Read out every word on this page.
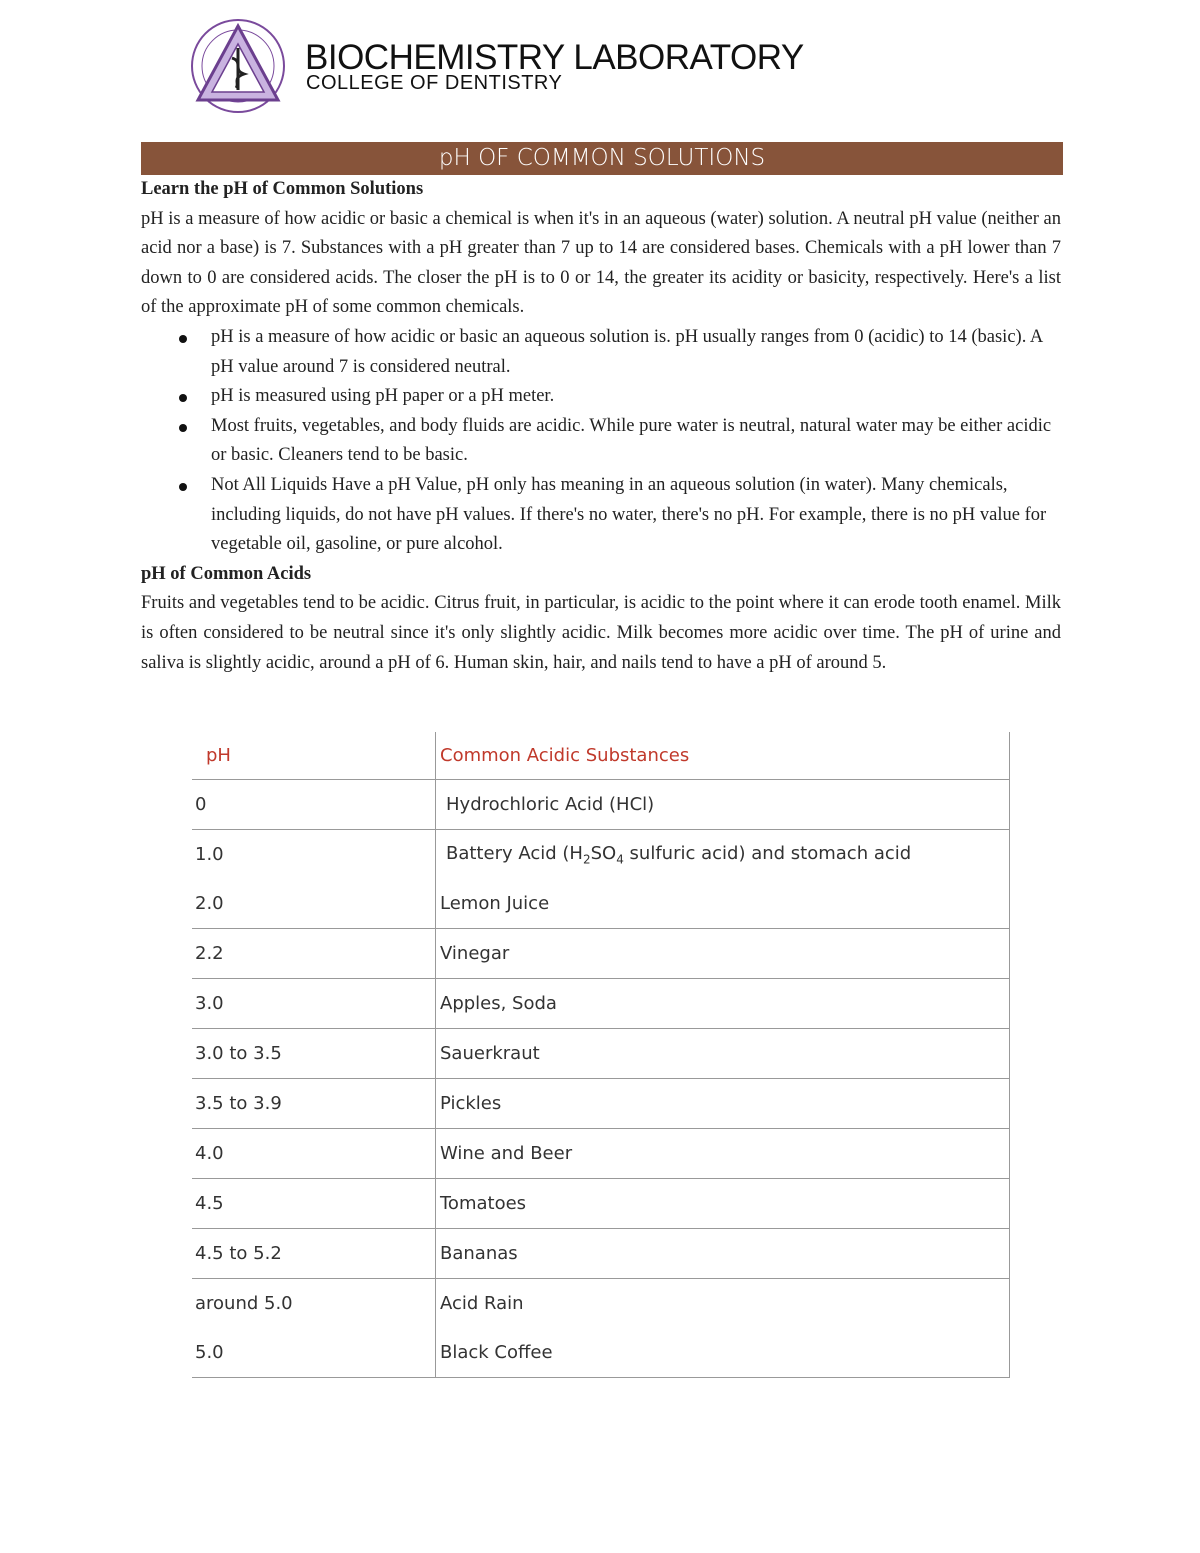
BIOCHEMISTRY LABORATORY
COLLEGE OF DENTISTRY
pH OF COMMON SOLUTIONS
Learn the pH of Common Solutions

pH is a measure of how acidic or basic a chemical is when it's in an aqueous (water) solution. A neutral pH value (neither an acid nor a base) is 7. Substances with a pH greater than 7 up to 14 are considered bases. Chemicals with a pH lower than 7 down to 0 are considered acids. The closer the pH is to 0 or 14, the greater its acidity or basicity, respectively. Here's a list of the approximate pH of some common chemicals.

pH is a measure of how acidic or basic an aqueous solution is. pH usually ranges from 0 (acidic) to 14 (basic). A pH value around 7 is considered neutral.
pH is measured using pH paper or a pH meter.
Most fruits, vegetables, and body fluids are acidic. While pure water is neutral, natural water may be either acidic or basic. Cleaners tend to be basic.
Not All Liquids Have a pH Value, pH only has meaning in an aqueous solution (in water). Many chemicals, including liquids, do not have pH values. If there's no water, there's no pH. For example, there is no pH value for vegetable oil, gasoline, or pure alcohol.
pH of Common Acids

Fruits and vegetables tend to be acidic. Citrus fruit, in particular, is acidic to the point where it can erode tooth enamel. Milk is often considered to be neutral since it's only slightly acidic. Milk becomes more acidic over time. The pH of urine and saliva is slightly acidic, around a pH of 6. Human skin, hair, and nails tend to have a pH of around 5.

pH	Common Acidic Substances
0	Hydrochloric Acid (HCl)
1.0	Battery Acid ($H_2SO_4$ sulfuric acid) and stomach acid
2.0	Lemon Juice
2.2	Vinegar
3.0	Apples, Soda
3.0 to 3.5	Sauerkraut
3.5 to 3.9	Pickles
4.0	Wine and Beer
4.5	Tomatoes
4.5 to 5.2	Bananas
around 5.0	Acid Rain
5.0	Black Coffee
